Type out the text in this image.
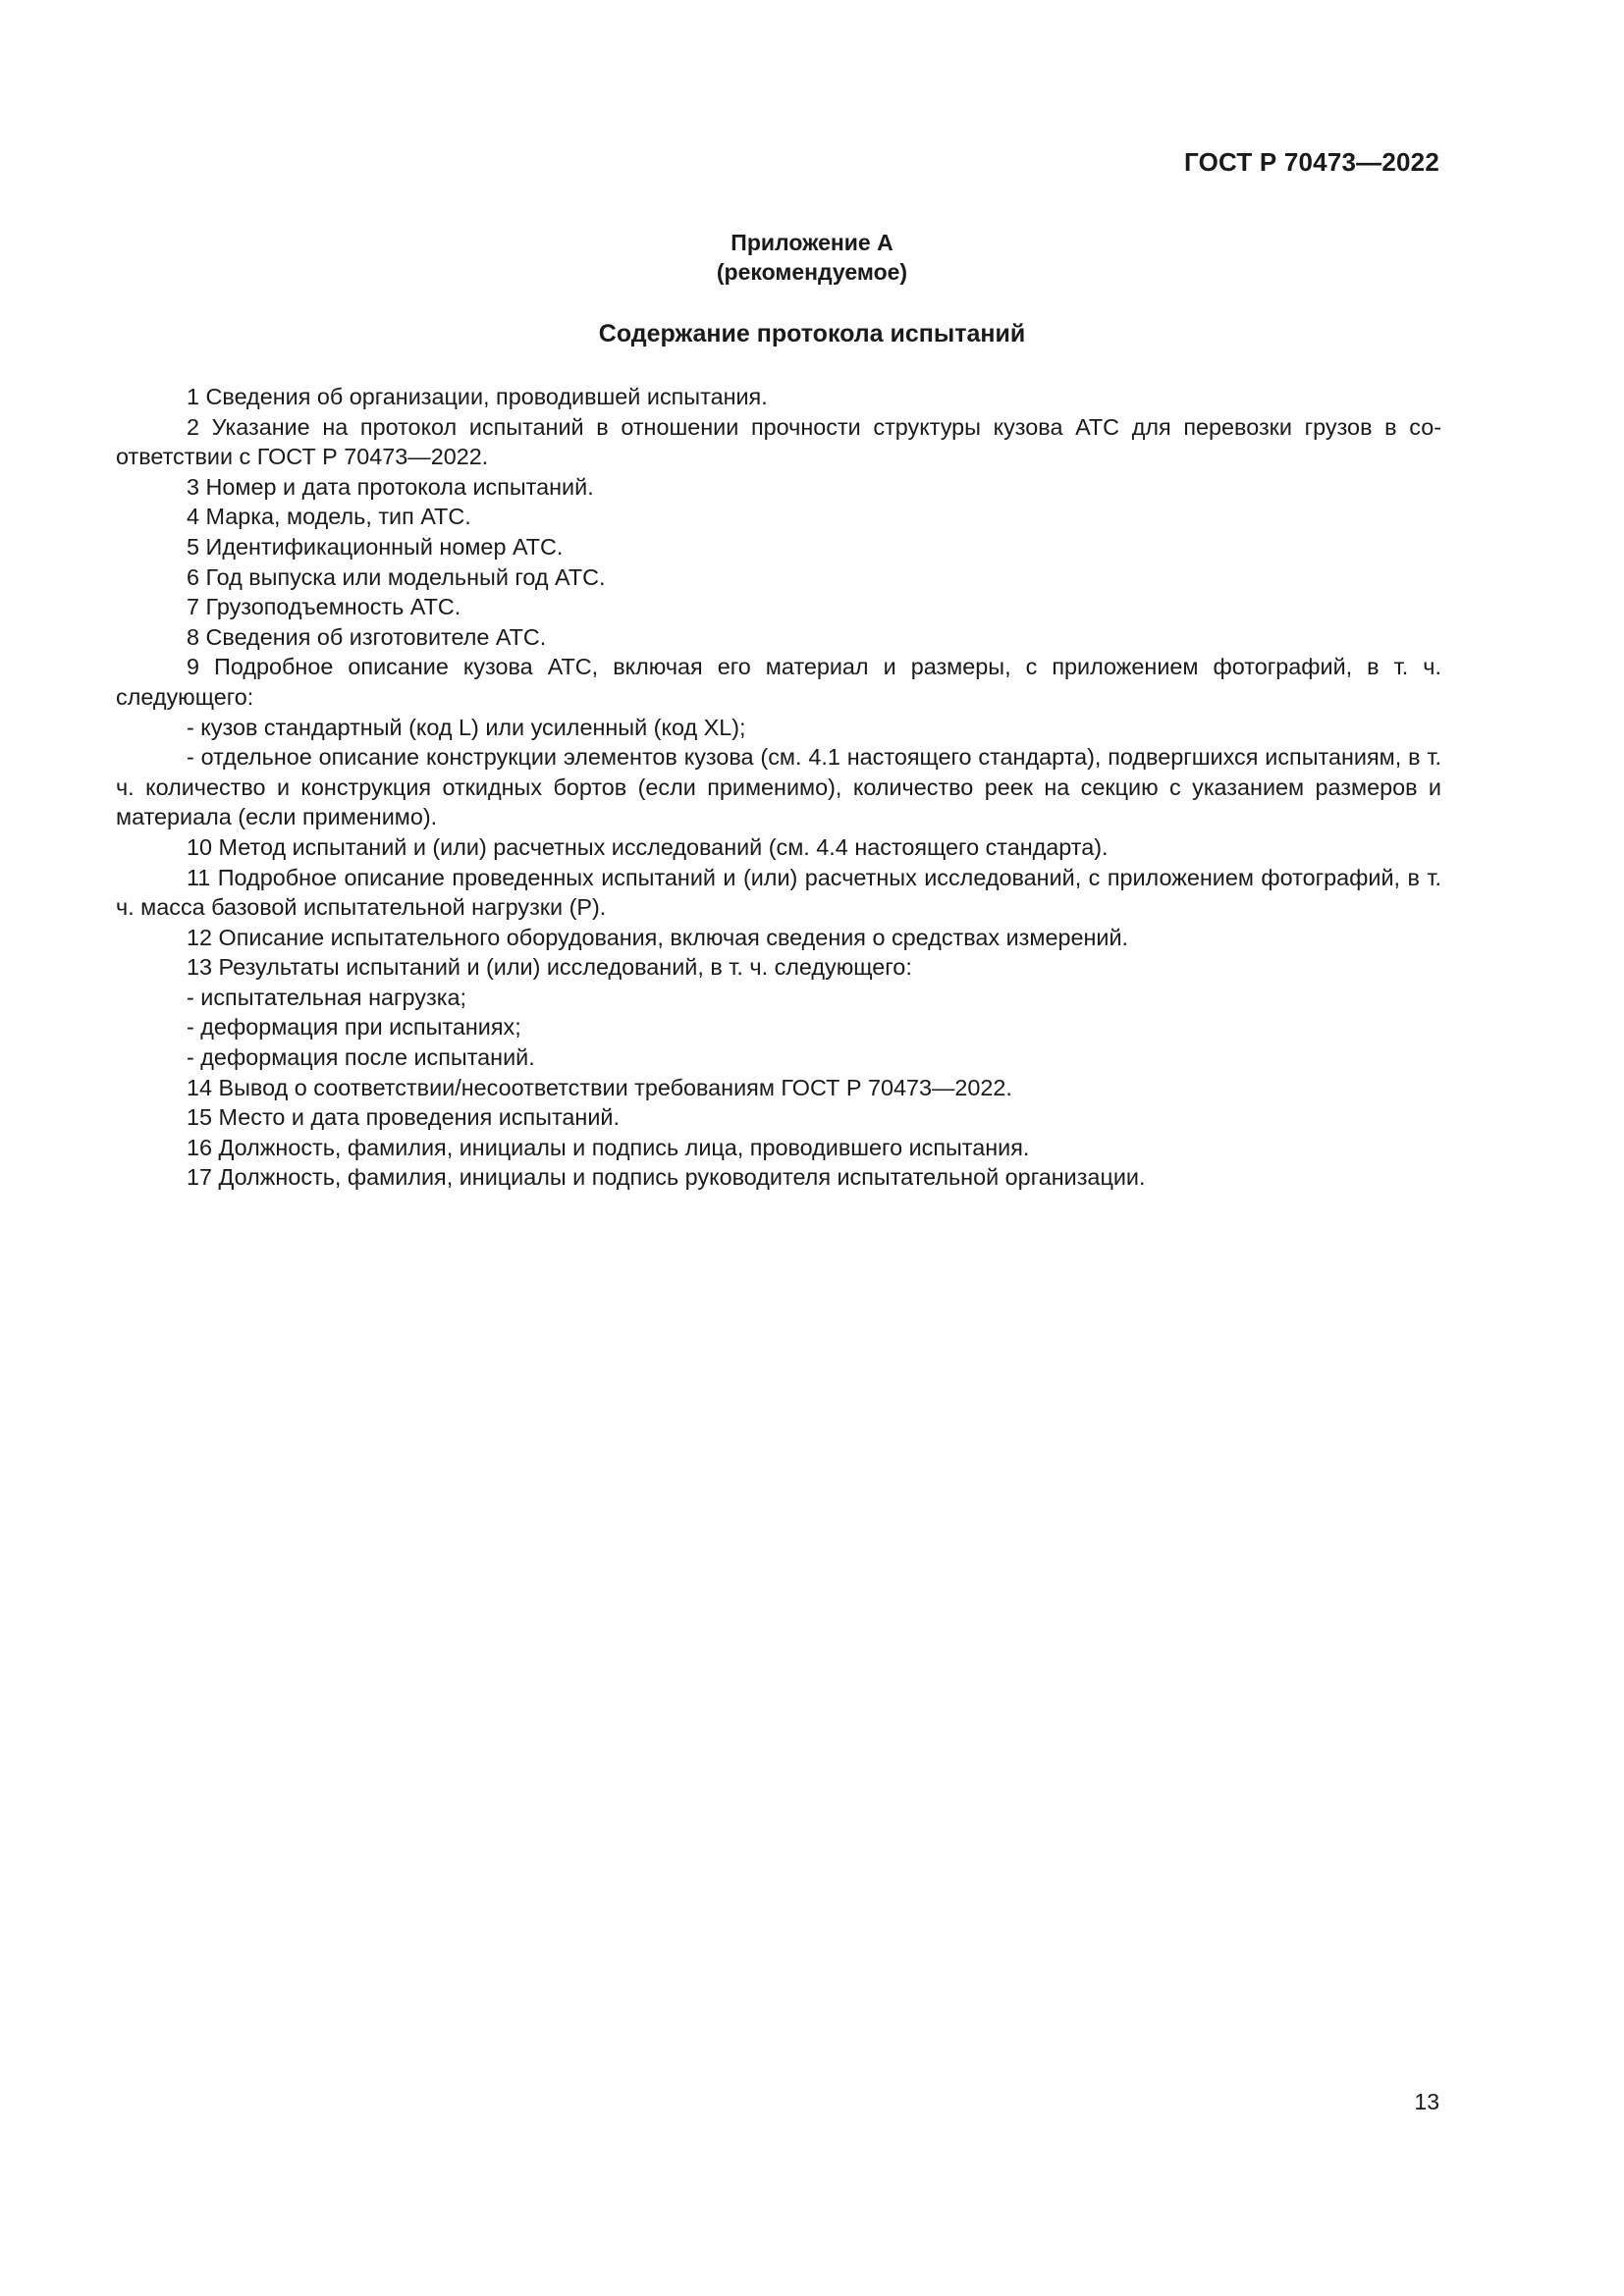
ГОСТ Р 70473—2022
Приложение А
(рекомендуемое)
Содержание протокола испытаний

1 Сведения об организации, проводившей испытания.

2 Указание на протокол испытаний в отношении прочности структуры кузова АТС для перевозки грузов в соответствии с ГОСТ Р 70473—2022.

3 Номер и дата протокола испытаний.

4 Марка, модель, тип АТС.

5 Идентификационный номер АТС.

6 Год выпуска или модельный год АТС.

7 Грузоподъемность АТС.

8 Сведения об изготовителе АТС.

9 Подробное описание кузова АТС, включая его материал и размеры, с приложением фотографий, в т. ч. следующего:

- кузов стандартный (код L) или усиленный (код XL);

- отдельное описание конструкции элементов кузова (см. 4.1 настоящего стандарта), подвергшихся испытаниям, в т. ч. количество и конструкция откидных бортов (если применимо), количество реек на секцию с указанием размеров и материала (если применимо).

10 Метод испытаний и (или) расчетных исследований (см. 4.4 настоящего стандарта).

11 Подробное описание проведенных испытаний и (или) расчетных исследований, с приложением фотографий, в т. ч. масса базовой испытательной нагрузки (P).

12 Описание испытательного оборудования, включая сведения о средствах измерений.

13 Результаты испытаний и (или) исследований, в т. ч. следующего:

- испытательная нагрузка;

- деформация при испытаниях;

- деформация после испытаний.

14 Вывод о соответствии/несоответствии требованиям ГОСТ Р 70473—2022.

15 Место и дата проведения испытаний.

16 Должность, фамилия, инициалы и подпись лица, проводившего испытания.

17 Должность, фамилия, инициалы и подпись руководителя испытательной организации.

13
